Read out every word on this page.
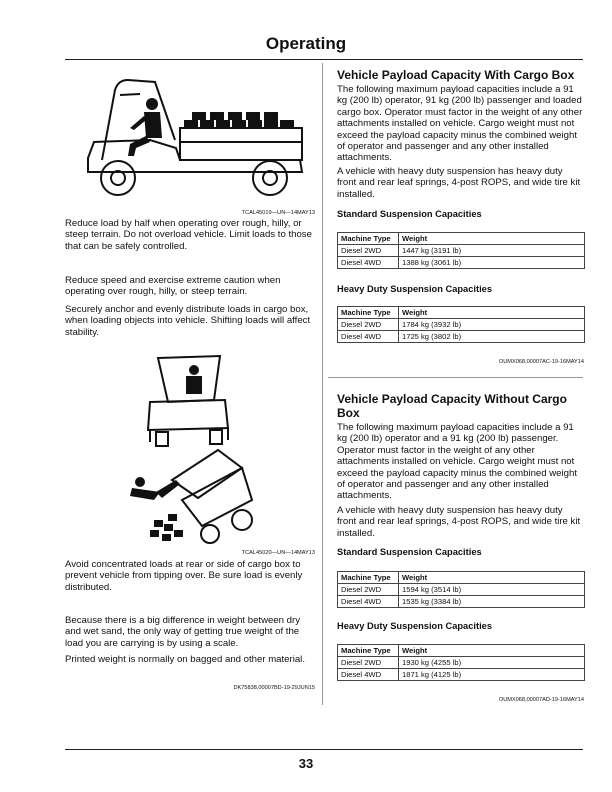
Operating
TCAL45019—UN—14MAY13

Reduce load by half when operating over rough, hilly, or steep terrain. Do not overload vehicle. Limit loads to those that can be safely controlled.

Reduce speed and exercise extreme caution when operating over rough, hilly, or steep terrain.

Securely anchor and evenly distribute loads in cargo box, when loading objects into vehicle. Shifting loads will affect stability.

TCAL45020—UN—14MAY13

Avoid concentrated loads at rear or side of cargo box to prevent vehicle from tipping over. Be sure load is evenly distributed.

Because there is a big difference in weight between dry and wet sand, the only way of getting true weight of the load you are carrying is by using a scale.

Printed weight is normally on bagged and other material.

DK75838,00007BD-19-29JUN15
Vehicle Payload Capacity With Cargo Box

The following maximum payload capacities include a 91 kg (200 lb) operator, 91 kg (200 lb) passenger and loaded cargo box. Operator must factor in the weight of any other attachments installed on vehicle. Cargo weight must not exceed the payload capacity minus the combined weight of operator and passenger and any other installed attachments.

A vehicle with heavy duty suspension has heavy duty front and rear leaf springs, 4-post ROPS, and wide tire kit installed.

Standard Suspension Capacities
Machine Type	Weight
Diesel 2WD	1447 kg (3191 lb)
Diesel 4WD	1388 kg (3061 lb)
Heavy Duty Suspension Capacities
Machine Type	Weight
Diesel 2WD	1784 kg (3932 lb)
Diesel 4WD	1725 kg (3802 lb)
OUMX068,00007AC-19-16MAY14
Vehicle Payload Capacity Without Cargo Box

The following maximum payload capacities include a 91 kg (200 lb) operator and a 91 kg (200 lb) passenger. Operator must factor in the weight of any other attachments installed on vehicle. Cargo weight must not exceed the payload capacity minus the combined weight of operator and passenger and any other installed attachments.

A vehicle with heavy duty suspension has heavy duty front and rear leaf springs, 4-post ROPS, and wide tire kit installed.

Standard Suspension Capacities
Machine Type	Weight
Diesel 2WD	1594 kg (3514 lb)
Diesel 4WD	1535 kg (3384 lb)
Heavy Duty Suspension Capacities
Machine Type	Weight
Diesel 2WD	1930 kg (4255 lb)
Diesel 4WD	1871 kg (4125 lb)
OUMX068,00007AD-19-16MAY14
33
